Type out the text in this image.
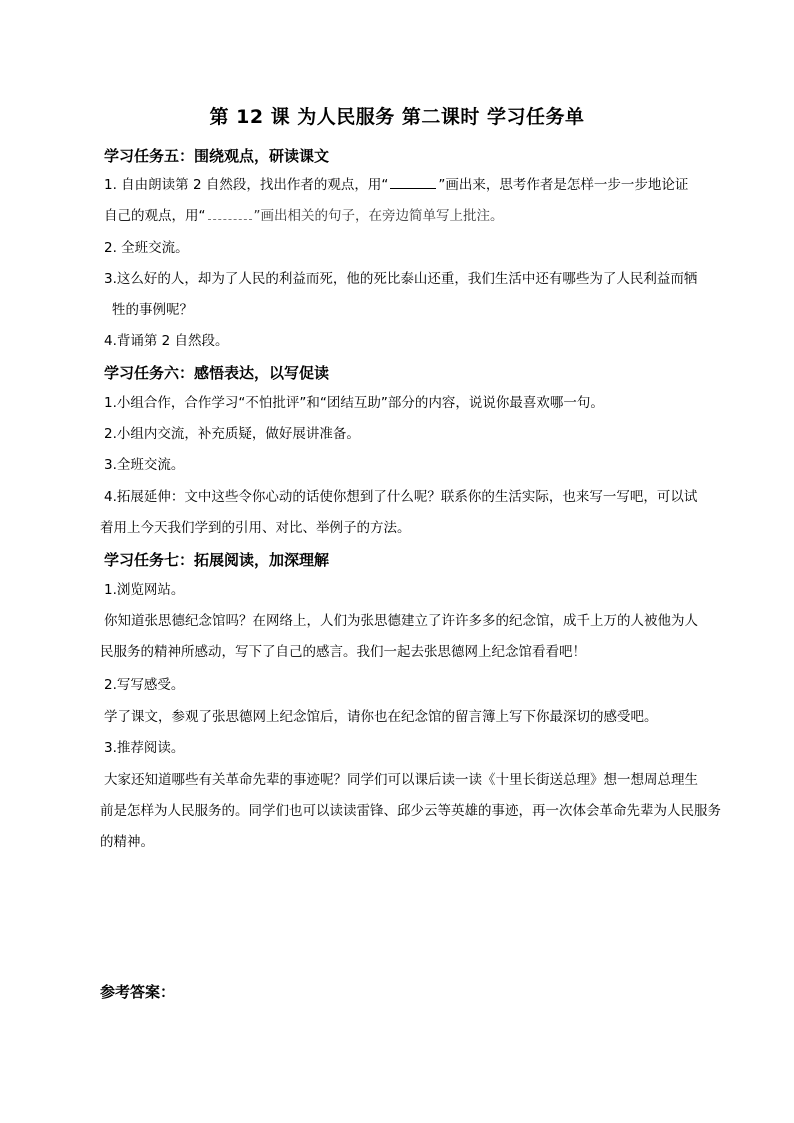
第 12 课 为人民服务 第二课时 学习任务单
学习任务五：围绕观点，研读课文
1. 自由朗读第 2 自然段，找出作者的观点，用“	”画出来，思考作者是怎样一步一步地论证
自己的观点，用“	”画出相关的句子，在旁边简单写上批注。
2. 全班交流。
3.这么好的人，却为了人民的利益而死，他的死比泰山还重，我们生活中还有哪些为了人民利益而牺
牲的事例呢？
4.背诵第 2 自然段。
学习任务六：感悟表达，以写促读
1.小组合作，合作学习“不怕批评”和“团结互助”部分的内容，说说你最喜欢哪一句。
2.小组内交流，补充质疑，做好展讲准备。
3.全班交流。
4.拓展延伸：文中这些令你心动的话使你想到了什么呢？联系你的生活实际，也来写一写吧，可以试
着用上今天我们学到的引用、对比、举例子的方法。
学习任务七：拓展阅读，加深理解
1.浏览网站。
你知道张思德纪念馆吗？在网络上，人们为张思德建立了许许多多的纪念馆，成千上万的人被他为人
民服务的精神所感动，写下了自己的感言。我们一起去张思德网上纪念馆看看吧！
2.写写感受。
学了课文，参观了张思德网上纪念馆后，请你也在纪念馆的留言簿上写下你最深切的感受吧。
3.推荐阅读。
大家还知道哪些有关革命先辈的事迹呢？同学们可以课后读一读《十里长街送总理》想一想周总理生
前是怎样为人民服务的。同学们也可以读读雷锋、邱少云等英雄的事迹，再一次体会革命先辈为人民服务
的精神。
参考答案：
